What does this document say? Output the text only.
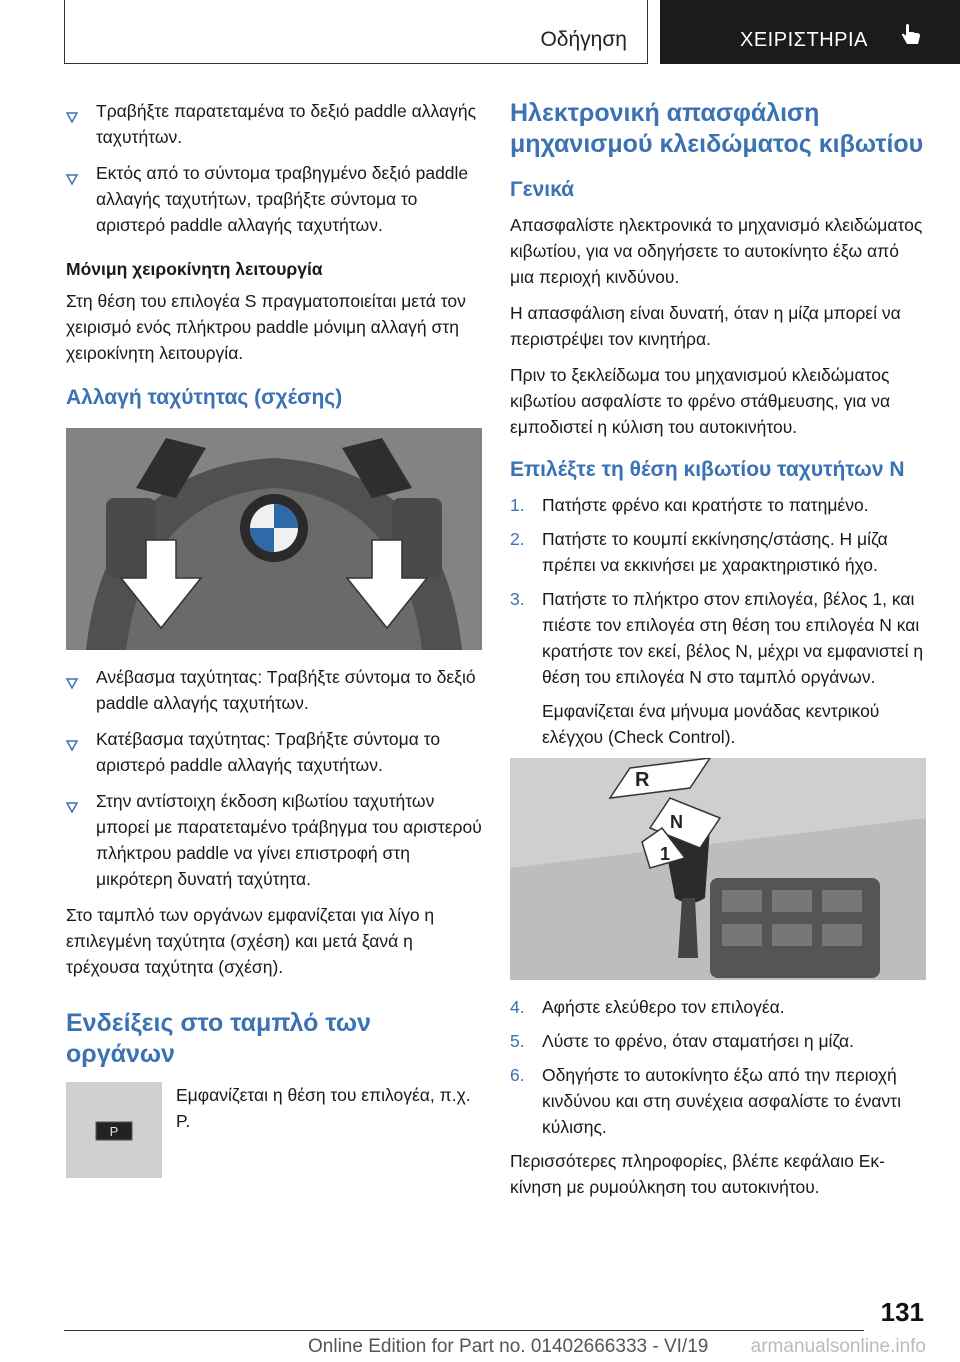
Οδήγηση	ΧΕΙΡΙΣΤΗΡΙΑ
Τραβήξτε παρατεταμένα το δεξιό paddle αλλαγής ταχυτήτων.
Εκτός από το σύντομα τραβηγμένο δεξιό paddle αλλαγής ταχυτήτων, τραβήξτε σύντομα το αριστερό paddle αλλαγής ταχυτήτων.
Μόνιμη χειροκίνητη λειτουργία

Στη θέση του επιλογέα S πραγματοποιείται μετά τον χειρισμό ενός πλήκτρου paddle μόνιμη αλλαγή στη χειροκίνητη λειτουργία.

Αλλαγή ταχύτητας (σχέσης)
Ανέβασμα ταχύτητας: Τραβήξτε σύντομα το δεξιό paddle αλλαγής ταχυτήτων.
Κατέβασμα ταχύτητας: Τραβήξτε σύντομα το αριστερό paddle αλλαγής ταχυτήτων.
Στην αντίστοιχη έκδοση κιβωτίου ταχυτήτων μπορεί με παρατεταμένο τράβηγμα του αριστερού πλήκτρου paddle να γίνει επιστροφή στη μικρότερη δυνατή ταχύτητα.

Στο ταμπλό των οργάνων εμφανίζεται για λίγο η επιλεγμένη ταχύτητα (σχέση) και μετά ξανά η τρέχουσα ταχύτητα (σχέση).

Ενδείξεις στο ταμπλό των οργάνων
P
Εμφανίζεται η θέση του επιλογέα, π.χ. P.
Ηλεκτρονική απασφάλιση μηχανισμού κλειδώματος κιβωτίου
Γενικά

Απασφαλίστε ηλεκτρονικά το μηχανισμό κλειδώματος κιβωτίου, για να οδηγήσετε το αυτοκίνητο έξω από μια περιοχή κινδύνου.

Η απασφάλιση είναι δυνατή, όταν η μίζα μπορεί να περιστρέψει τον κινητήρα.

Πριν το ξεκλείδωμα του μηχανισμού κλειδώματος κιβωτίου ασφαλίστε το φρένο στάθμευσης, για να εμποδιστεί η κύλιση του αυτοκινήτου.

Επιλέξτε τη θέση κιβωτίου ταχυτήτων N
1. Πατήστε φρένο και κρατήστε το πατημένο.
2. Πατήστε το κουμπί εκκίνησης/στάσης. Η μίζα πρέπει να εκκινήσει με χαρακτηριστικό ήχο.
3. Πατήστε το πλήκτρο στον επιλογέα, βέλος 1, και πιέστε τον επιλογέα στη θέση του επιλογέα N και κρατήστε τον εκεί, βέλος N, μέχρι να εμφανιστεί η θέση του επιλογέα N στο ταμπλό οργάνων.
Εμφανίζεται ένα μήνυμα μονάδας κεντρικού ελέγχου (Check Control).
R
N
1
4. Αφήστε ελεύθερο τον επιλογέα.
5. Λύστε το φρένο, όταν σταματήσει η μίζα.
6. Οδηγήστε το αυτοκίνητο έξω από την περιοχή κινδύνου και στη συνέχεια ασφαλίστε το έναντι κύλισης.

Περισσότερες πληροφορίες, βλέπε κεφάλαιο Εκκίνηση με ρυμούλκηση του αυτοκινήτου.

131
Online Edition for Part no. 01402666333 - VI/19 armanualsonline.info
